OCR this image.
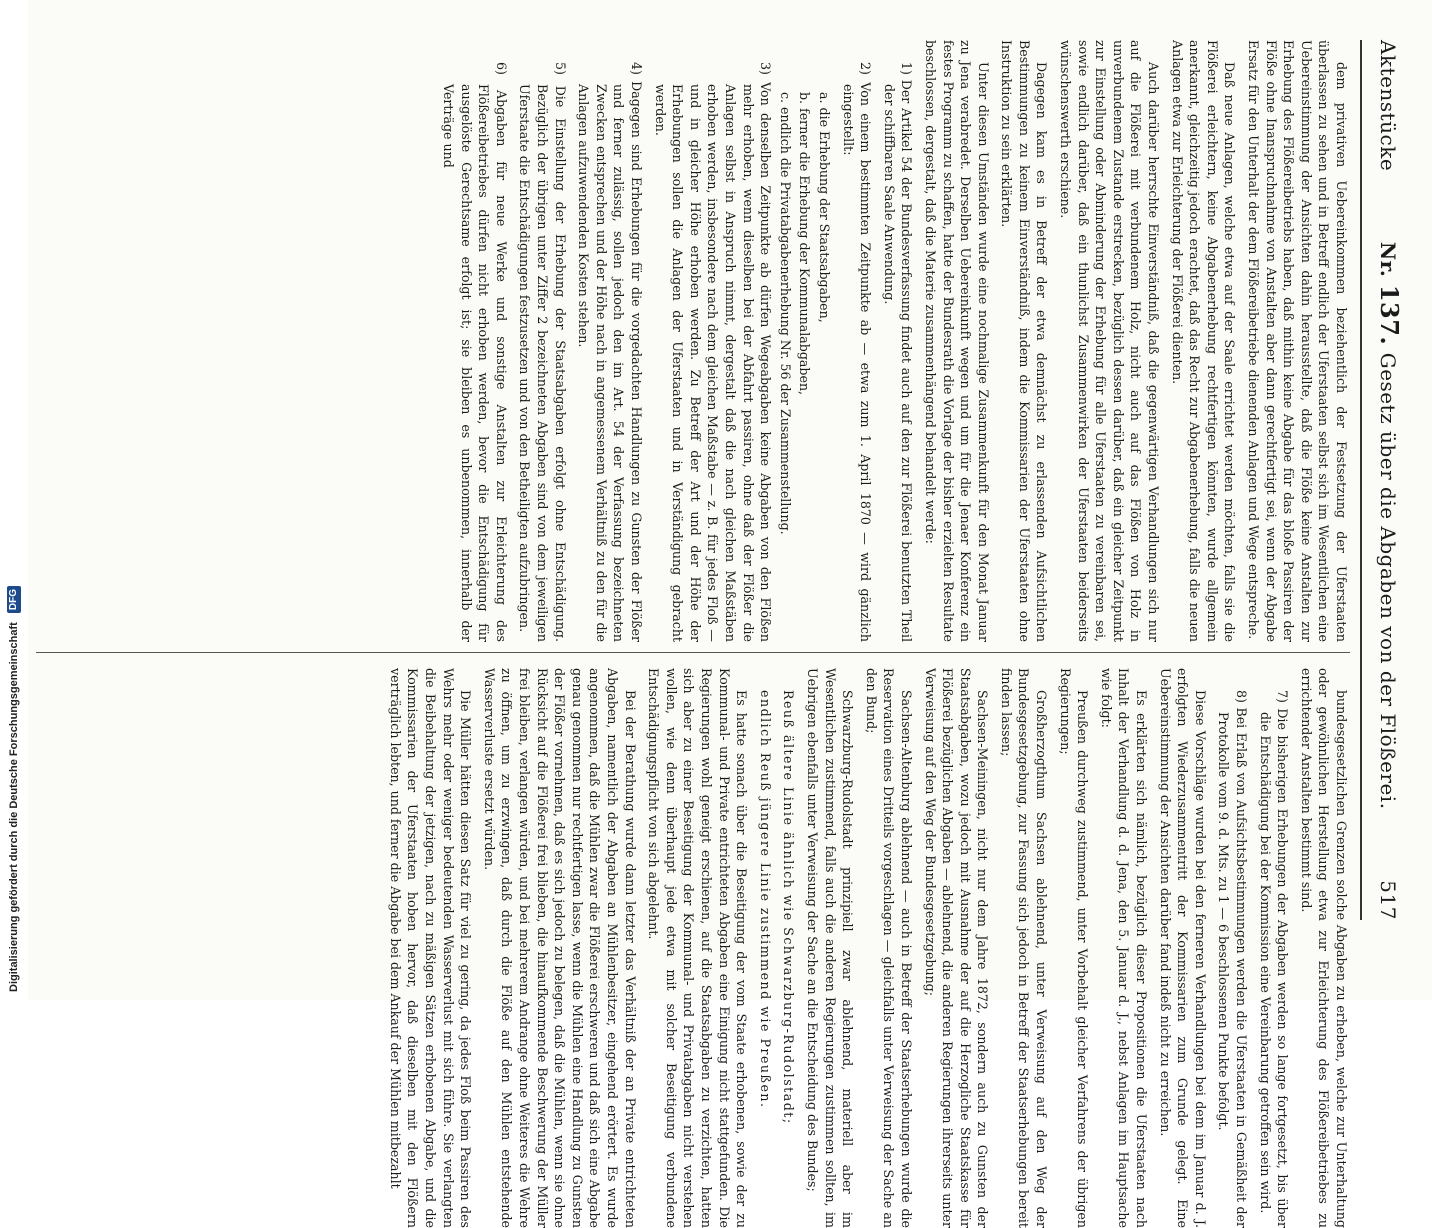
Aktenstücke
Nr. 137. Gesetz über die Abgaben von der Flößerei.
517

dem privativen Uebereinkommen beziehentlich der Festsetzung der Uferstaaten überlassen zu sehen und in Betreff endlich der Uferstaaten selbst sich im Wesentlichen eine Uebereinstimmung der Ansichten dahin herausstellte, daß die Flöße keine Anstalten zur Erhebung des Flößereibetriebs haben, daß mithin keine Abgabe für das bloße Passiren der Flöße ohne Inanspruchnahme von Anstalten aber dann gerechtfertigt sei, wenn der Abgabe Ersatz für den Unterhalt der dem Flößereibetriebe dienenden Anlagen und Wege entspreche.

Daß neue Anlagen, welche etwa auf der Saale errichtet werden möchten, falls sie die Flößerei erleichtern, keine Abgabenerhebung rechtfertigen könnten, wurde allgemein anerkannt, gleichzeitig jedoch erachtet, daß das Recht zur Abgabenerhebung, falls die neuen Anlagen etwa zur Erleichterung der Flößerei dienten.

Auch darüber herrschte Einverständniß, daß die gegenwärtigen Verhandlungen sich nur auf die Flößerei mit verbundenem Holz, nicht auch auf das Flößen von Holz in unverbundenem Zustande erstrecken, bezüglich dessen darüber, daß ein gleicher Zeitpunkt zur Einstellung oder Abminderung der Erhebung für alle Uferstaaten zu vereinbaren sei, sowie endlich darüber, daß ein thunlichst Zusammenwirken der Uferstaaten beiderseits wünschenswerth erschiene.

Dagegen kam es in Betreff der etwa demnächst zu erlassenden Aufsichtlichen Bestimmungen zu keinem Einverständniß, indem die Kommissarien der Uferstaaten ohne Instruktion zu sein erklärten.

Unter diesen Umständen wurde eine nochmalige Zusammenkunft für den Monat Januar zu Jena verabredet. Derselben Uebereinkunft wegen und um für die Jenaer Konferenz ein festes Programm zu schaffen, hatte der Bundesrath die Vorlage der bisher erzielten Resultate beschlossen, dergestalt, daß die Materie zusammenhängend behandelt werde:

1) Der Artikel 54 der Bundesverfassung findet auch auf den zur Flößerei benutzten Theil der schiffbaren Saale Anwendung.

2) Von einem bestimmten Zeitpunkte ab — etwa zum 1. April 1870 — wird gänzlich eingestellt:

a. die Erhebung der Staatsabgaben,

b. ferner die Erhebung der Kommunalabgaben,

c. endlich die Privatabgabenerhebung Nr. 56 der Zusammenstellung.

3) Von denselben Zeitpunkte ab dürfen Wegeabgaben keine Abgaben von den Flößen mehr erhoben, wenn dieselben bei der Abfahrt passiren, ohne daß der Flößer die Anlagen selbst in Anspruch nimmt, dergestalt daß die nach gleichen Maßstäben erhoben werden, insbesondere nach dem gleichen Maßstabe — z. B. für jedes Floß — und in gleicher Höhe erhoben werden. Zu Betreff der Art und der Höhe der Erhebungen sollen die Anlagen der Uferstaaten und in Verständigung gebracht werden.

4) Dagegen sind Erhebungen für die vorgedachten Handlungen zu Gunsten der Flößer und ferner zulässig, sollen jedoch den im Art. 54 der Verfassung bezeichneten Zwecken entsprechen und der Höhe nach in angemessenem Verhältniß zu den für die Anlagen aufzuwendenden Kosten stehen.

5) Die Einstellung der Erhebung der Staatsabgaben erfolgt ohne Entschädigung. Bezüglich der übrigen unter Ziffer 2 bezeichneten Abgaben sind von dem jeweiligen Uferstaate die Entschädigungen festzusetzen und von den Betheiligten aufzubringen.

6) Abgaben für neue Werke und sonstige Anstalten zur Erleichterung des Flößereibetriebes dürfen nicht erhoben werden, bevor die Entschädigung für ausgelöste Gerechtsame erfolgt ist; sie bleiben es unbenommen, innerhalb der Verträge und

bundesgesetzlichen Grenzen solche Abgaben zu erheben, welche zur Unterhaltung oder gewöhnlichen Herstellung etwa zur Erleichterung des Flößereibetriebes zu errichtender Anstalten bestimmt sind.

7) Die bisherigen Erhebungen der Abgaben werden so lange fortgesetzt, bis über die Entschädigung bei der Kommission eine Vereinbarung getroffen sein wird.

8) Bei Erlaß von Aufsichtsbestimmungen werden die Uferstaaten in Gemäßheit der Protokolle vom 9. d. Mts. zu 1 — 6 beschlossenen Punkte befolgt.

Diese Vorschläge wurden bei den ferneren Verhandlungen bei dem im Januar d. J. erfolgten Wiederzusammentritt der Kommissarien zum Grunde gelegt. Eine Uebereinstimmung der Ansichten darüber fand indeß nicht zu erreichen.

Es erklärten sich nämlich, bezüglich dieser Propositionen die Uferstaaten nach Inhalt der Verhandlung d. d. Jena, den 5. Januar d. J., nebst Anlagen im Hauptsache wie folgt:

Preußen durchweg zustimmend, unter Vorbehalt gleicher Verfahrens der übrigen Regierungen;

Großherzogthum Sachsen ablehnend, unter Verweisung auf den Weg der Bundesgesetzgebung, zur Fassung sich jedoch in Betreff der Staatserhebungen bereit finden lassen;

Sachsen-Meiningen, nicht nur dem Jahre 1872, sondern auch zu Gunsten der Staatsabgaben, wozu jedoch mit Ausnahme der auf die Herzogliche Staatskasse für Flößerei bezüglichen Abgaben — ablehnend, die anderen Regierungen ihrerseits unter Verweisung auf den Weg der Bundesgesetzgebung;

Sachsen-Altenburg ablehnend — auch in Betreff der Staatserhebungen wurde die Reservation eines Dritteils vorgeschlagen — gleichfalls unter Verweisung der Sache an den Bund;

Schwarzburg-Rudolstadt prinzipiell zwar ablehnend, materiell aber im Wesentlichen zustimmend, falls auch die anderen Regierungen zustimmen sollten, im Uebrigen ebenfalls unter Verweisung der Sache an die Entscheidung des Bundes;

Reuß ältere Linie ähnlich wie Schwarzburg-Rudolstadt;

endlich Reuß jüngere Linie zustimmend wie Preußen.

Es hatte sonach über die Beseitigung der vom Staate erhobenen, sowie der zu Kommunal- und Private entrichteten Abgaben eine Einigung nicht stattgefunden. Die Regierungen wohl geneigt erschienen, auf die Staatsabgaben zu verzichten, hatten sich aber zu einer Beseitigung der Kommunal- und Privatabgaben nicht verstehen wollen, wie denn überhaupt jede etwa mit solcher Beseitigung verbundene Entschädigungspflicht von sich abgelehnt.

Bei der Berathung wurde dann letzter das Verhältniß der an Private entrichteten Abgaben, namentlich der Abgaben an Mühlenbesitzer, eingehend erörtert. Es wurde angenommen, daß die Mühlen zwar die Flößerei erschweren und daß sich eine Abgabe genau genommen nur rechtfertigen lasse, wenn die Mühlen eine Handlung zu Gunsten der Flößer vornehmen, daß es sich jedoch zu belegen, daß die Mühlen, wenn sie ohne Rücksicht auf die Flößerei frei blieben, die hinaufkommende Beschwerung der Müller frei bleiben, verlangen würden, und bei mehrerem Andrange ohne Weiteres die Wehre zu öffnen, um zu erzwingen, daß durch die Flöße auf den Mühlen entstehende Wasserverluste ersetzt würden.

Die Müller hätten diesen Satz für viel zu gering, da jedes Floß beim Passiren des Wehrs mehr oder weniger bedeutenden Wasserverlust mit sich führe. Sie verlangten die Beibehaltung der jetzigen, nach zu mäßigen Sätzen erhobenen Abgabe, und die Kommissarien der Uferstaaten hoben hervor, daß dieselben mit den Flößern verträglich lebten, und ferner die Abgabe bei dem Ankauf der Mühlen mitbezahlt

Digitalisierung gefördert durch die Deutsche Forschungsgemeinschaft DFG
